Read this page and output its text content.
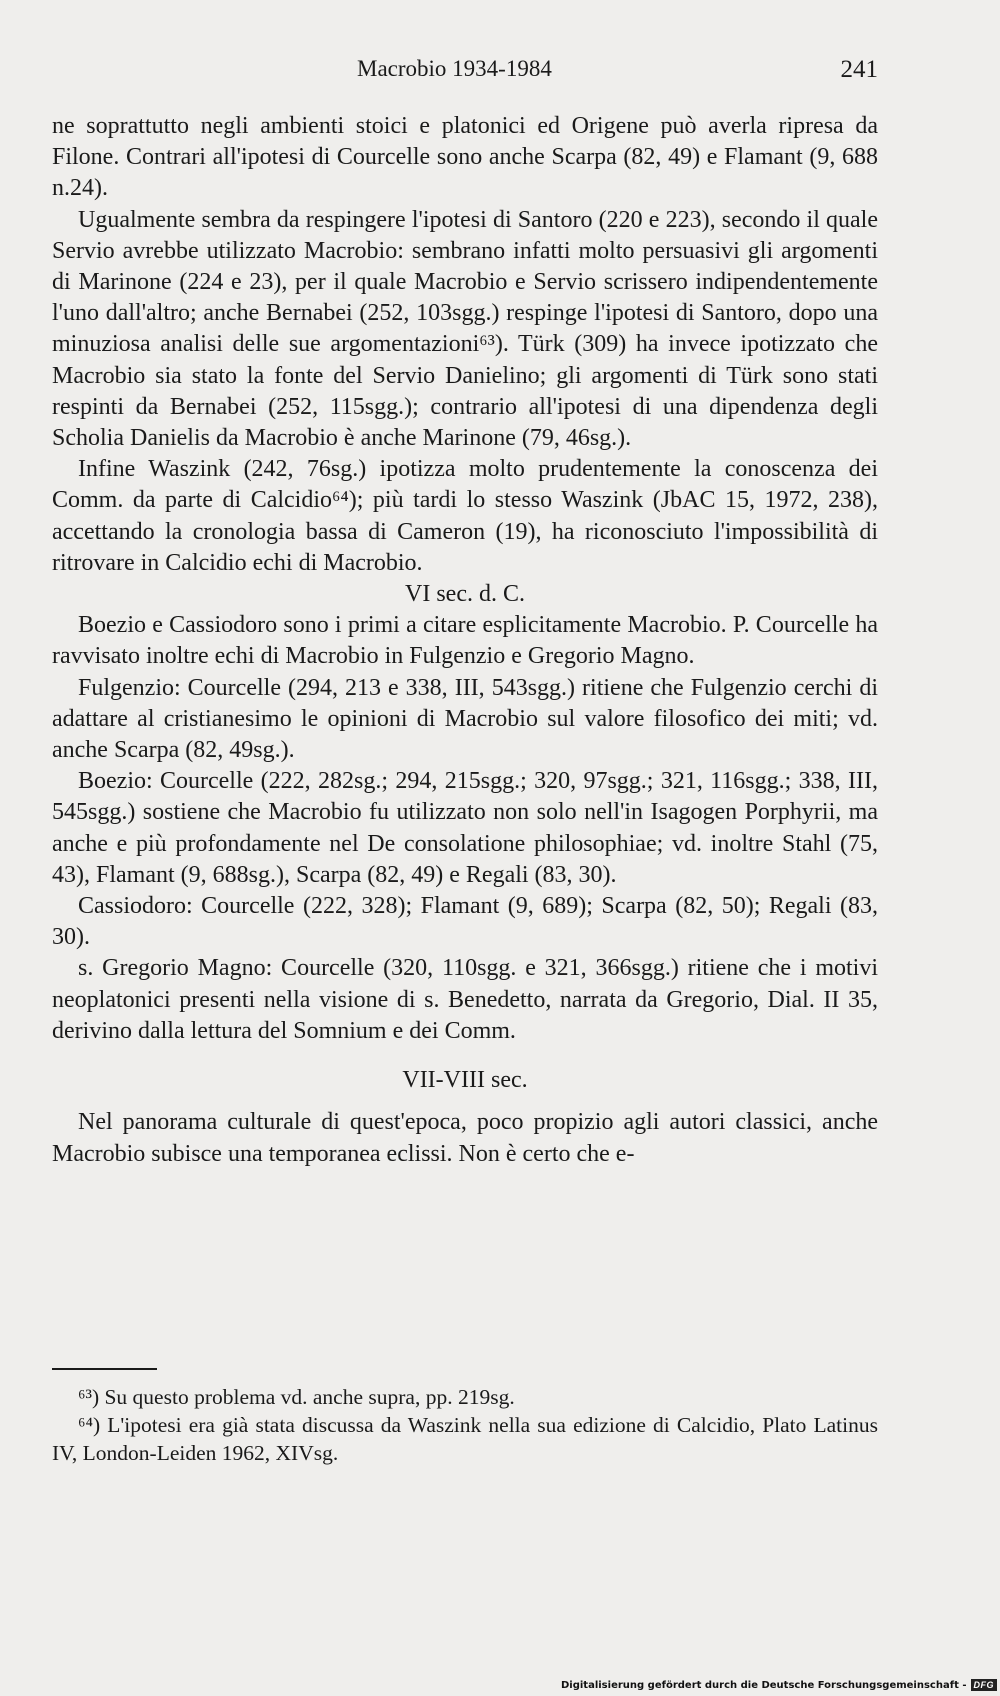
Macrobio 1934-1984	241

ne soprattutto negli ambienti stoici e platonici ed Origene può averla ripresa da Filone. Contrari all'ipotesi di Courcelle sono anche Scarpa (82, 49) e Flamant (9, 688 n.24).

Ugualmente sembra da respingere l'ipotesi di Santoro (220 e 223), secondo il quale Servio avrebbe utilizzato Macrobio: sembrano infatti molto persuasivi gli argomenti di Marinone (224 e 23), per il quale Macrobio e Servio scrissero indipendentemente l'uno dall'altro; anche Bernabei (252, 103sgg.) respinge l'ipotesi di Santoro, dopo una minuziosa analisi delle sue argomentazioni⁶³). Türk (309) ha invece ipotizzato che Macrobio sia stato la fonte del Servio Danielino; gli argomenti di Türk sono stati respinti da Bernabei (252, 115sgg.); contrario all'ipotesi di una dipendenza degli Scholia Danielis da Macrobio è anche Marinone (79, 46sg.).

Infine Waszink (242, 76sg.) ipotizza molto prudentemente la conoscenza dei Comm. da parte di Calcidio⁶⁴); più tardi lo stesso Waszink (JbAC 15, 1972, 238), accettando la cronologia bassa di Cameron (19), ha riconosciuto l'impossibilità di ritrovare in Calcidio echi di Macrobio.

VI sec. d. C.

Boezio e Cassiodoro sono i primi a citare esplicitamente Macrobio. P. Courcelle ha ravvisato inoltre echi di Macrobio in Fulgenzio e Gregorio Magno.

Fulgenzio: Courcelle (294, 213 e 338, III, 543sgg.) ritiene che Fulgenzio cerchi di adattare al cristianesimo le opinioni di Macrobio sul valore filosofico dei miti; vd. anche Scarpa (82, 49sg.).

Boezio: Courcelle (222, 282sg.; 294, 215sgg.; 320, 97sgg.; 321, 116sgg.; 338, III, 545sgg.) sostiene che Macrobio fu utilizzato non solo nell'in Isagogen Porphyrii, ma anche e più profondamente nel De consolatione philosophiae; vd. inoltre Stahl (75, 43), Flamant (9, 688sg.), Scarpa (82, 49) e Regali (83, 30).

Cassiodoro: Courcelle (222, 328); Flamant (9, 689); Scarpa (82, 50); Regali (83, 30).

s. Gregorio Magno: Courcelle (320, 110sgg. e 321, 366sgg.) ritiene che i motivi neoplatonici presenti nella visione di s. Benedetto, narrata da Gregorio, Dial. II 35, derivino dalla lettura del Somnium e dei Comm.

VII-VIII sec.

Nel panorama culturale di quest'epoca, poco propizio agli autori classici, anche Macrobio subisce una temporanea eclissi. Non è certo che e-

⁶³) Su questo problema vd. anche supra, pp. 219sg.

⁶⁴) L'ipotesi era già stata discussa da Waszink nella sua edizione di Calcidio, Plato Latinus IV, London-Leiden 1962, XIVsg.

Digitalisierung gefördert durch die Deutsche Forschungsgemeinschaft - DFG
